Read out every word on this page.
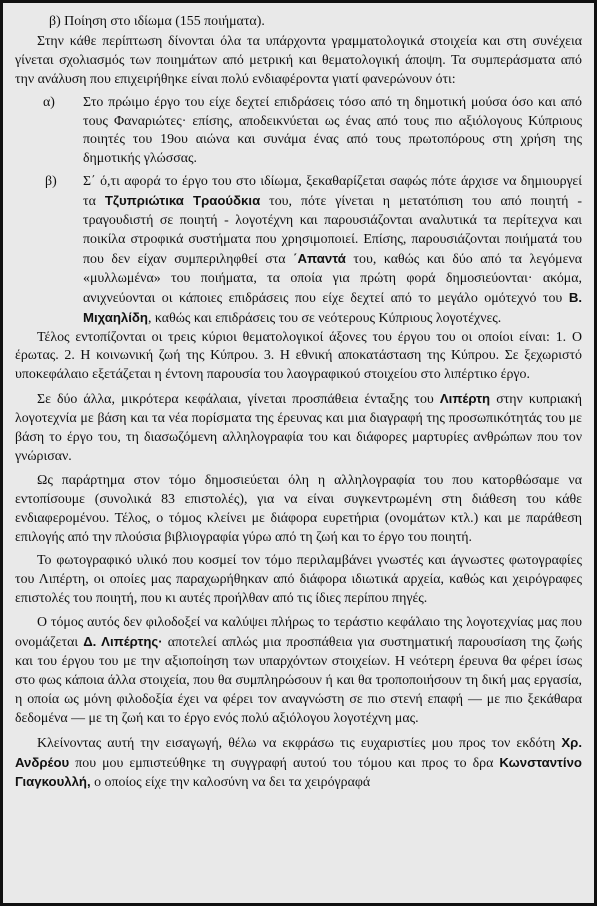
β) Ποίηση στο ιδίωμα (155 ποιήματα).

Στην κάθε περίπτωση δίνονται όλα τα υπάρχοντα γραμματολογικά στοιχεία και στη συνέχεια γίνεται σχολιασμός των ποιημάτων από μετρική και θεματολογική άποψη. Τα συμπεράσματα από την ανάλυση που επιχειρήθηκε είναι πολύ ενδιαφέροντα γιατί φανερώνουν ότι:

α)	Στο πρώιμο έργο του είχε δεχτεί επιδράσεις τόσο από τη δημοτική μούσα όσο και από τους Φαναριώτες· επίσης, αποδεικνύεται ως ένας από τους πιο αξιόλογους Κύπριους ποιητές του 19ου αιώνα και συνάμα ένας από τους πρωτοπόρους στη χρήση της δημοτικής γλώσσας.
β)	Σ΄ ό,τι αφορά το έργο του στο ιδίωμα, ξεκαθαρίζεται σαφώς πότε άρχισε να δημιουργεί τα Τζυπριώτικα Τραούδκια του, πότε γίνεται η μετατόπιση του από ποιητή - τραγουδιστή σε ποιητή - λογοτέχνη και παρουσιάζονται αναλυτικά τα περίτεχνα και ποικίλα στροφικά συστήματα που χρησιμοποιεί. Επίσης, παρουσιάζονται ποιήματά του που δεν είχαν συμπεριληφθεί στα ΄Απαντά του, καθώς και δύο από τα λεγόμενα «μυλλωμένα» του ποιήματα, τα οποία για πρώτη φορά δημοσιεύονται· ακόμα, ανιχνεύονται οι κάποιες επιδράσεις που είχε δεχτεί από το μεγάλο ομότεχνό του Β. Μιχαηλίδη, καθώς και επιδράσεις του σε νεότερους Κύπριους λογοτέχνες.

Τέλος εντοπίζονται οι τρεις κύριοι θεματολογικοί άξονες του έργου του οι οποίοι είναι: 1. Ο έρωτας. 2. Η κοινωνική ζωή της Κύπρου. 3. Η εθνική αποκατάσταση της Κύπρου. Σε ξεχωριστό υποκεφάλαιο εξετάζεται η έντονη παρουσία του λαογραφικού στοιχείου στο λιπέρτικο έργο.

Σε δύο άλλα, μικρότερα κεφάλαια, γίνεται προσπάθεια ένταξης του Λιπέρτη στην κυπριακή λογοτεχνία με βάση και τα νέα πορίσματα της έρευνας και μια διαγραφή της προσωπικότητάς του με βάση το έργο του, τη διασωζόμενη αλληλογραφία του και διάφορες μαρτυρίες ανθρώπων που τον γνώρισαν.

Ως παράρτημα στον τόμο δημοσιεύεται όλη η αλληλογραφία του που κατορθώσαμε να εντοπίσουμε (συνολικά 83 επιστολές), για να είναι συγκεντρωμένη στη διάθεση του κάθε ενδιαφερομένου. Τέλος, ο τόμος κλείνει με διάφορα ευρετήρια (ονομάτων κτλ.) και με παράθεση επιλογής από την πλούσια βιβλιογραφία γύρω από τη ζωή και το έργο του ποιητή.

Το φωτογραφικό υλικό που κοσμεί τον τόμο περιλαμβάνει γνωστές και άγνωστες φωτογραφίες του Λιπέρτη, οι οποίες μας παραχωρήθηκαν από διάφορα ιδιωτικά αρχεία, καθώς και χειρόγραφες επιστολές του ποιητή, που κι αυτές προήλθαν από τις ίδιες περίπου πηγές.

Ο τόμος αυτός δεν φιλοδοξεί να καλύψει πλήρως το τεράστιο κεφάλαιο της λογοτεχνίας μας που ονομάζεται Δ. Λιπέρτης· αποτελεί απλώς μια προσπάθεια για συστηματική παρουσίαση της ζωής και του έργου του με την αξιοποίηση των υπαρχόντων στοιχείων. Η νεότερη έρευνα θα φέρει ίσως στο φως κάποια άλλα στοιχεία, που θα συμπληρώσουν ή και θα τροποποιήσουν τη δική μας εργασία, η οποία ως μόνη φιλοδοξία έχει να φέρει τον αναγνώστη σε πιο στενή επαφή — με πιο ξεκάθαρα δεδομένα — με τη ζωή και το έργο ενός πολύ αξιόλογου λογοτέχνη μας.

Κλείνοντας αυτή την εισαγωγή, θέλω να εκφράσω τις ευχαριστίες μου προς τον εκδότη Χρ. Ανδρέου που μου εμπιστεύθηκε τη συγγραφή αυτού του τόμου και προς το δρα Κωνσταντίνο Γιαγκουλλή, ο οποίος είχε την καλοσύνη να δει τα χειρόγραφά
